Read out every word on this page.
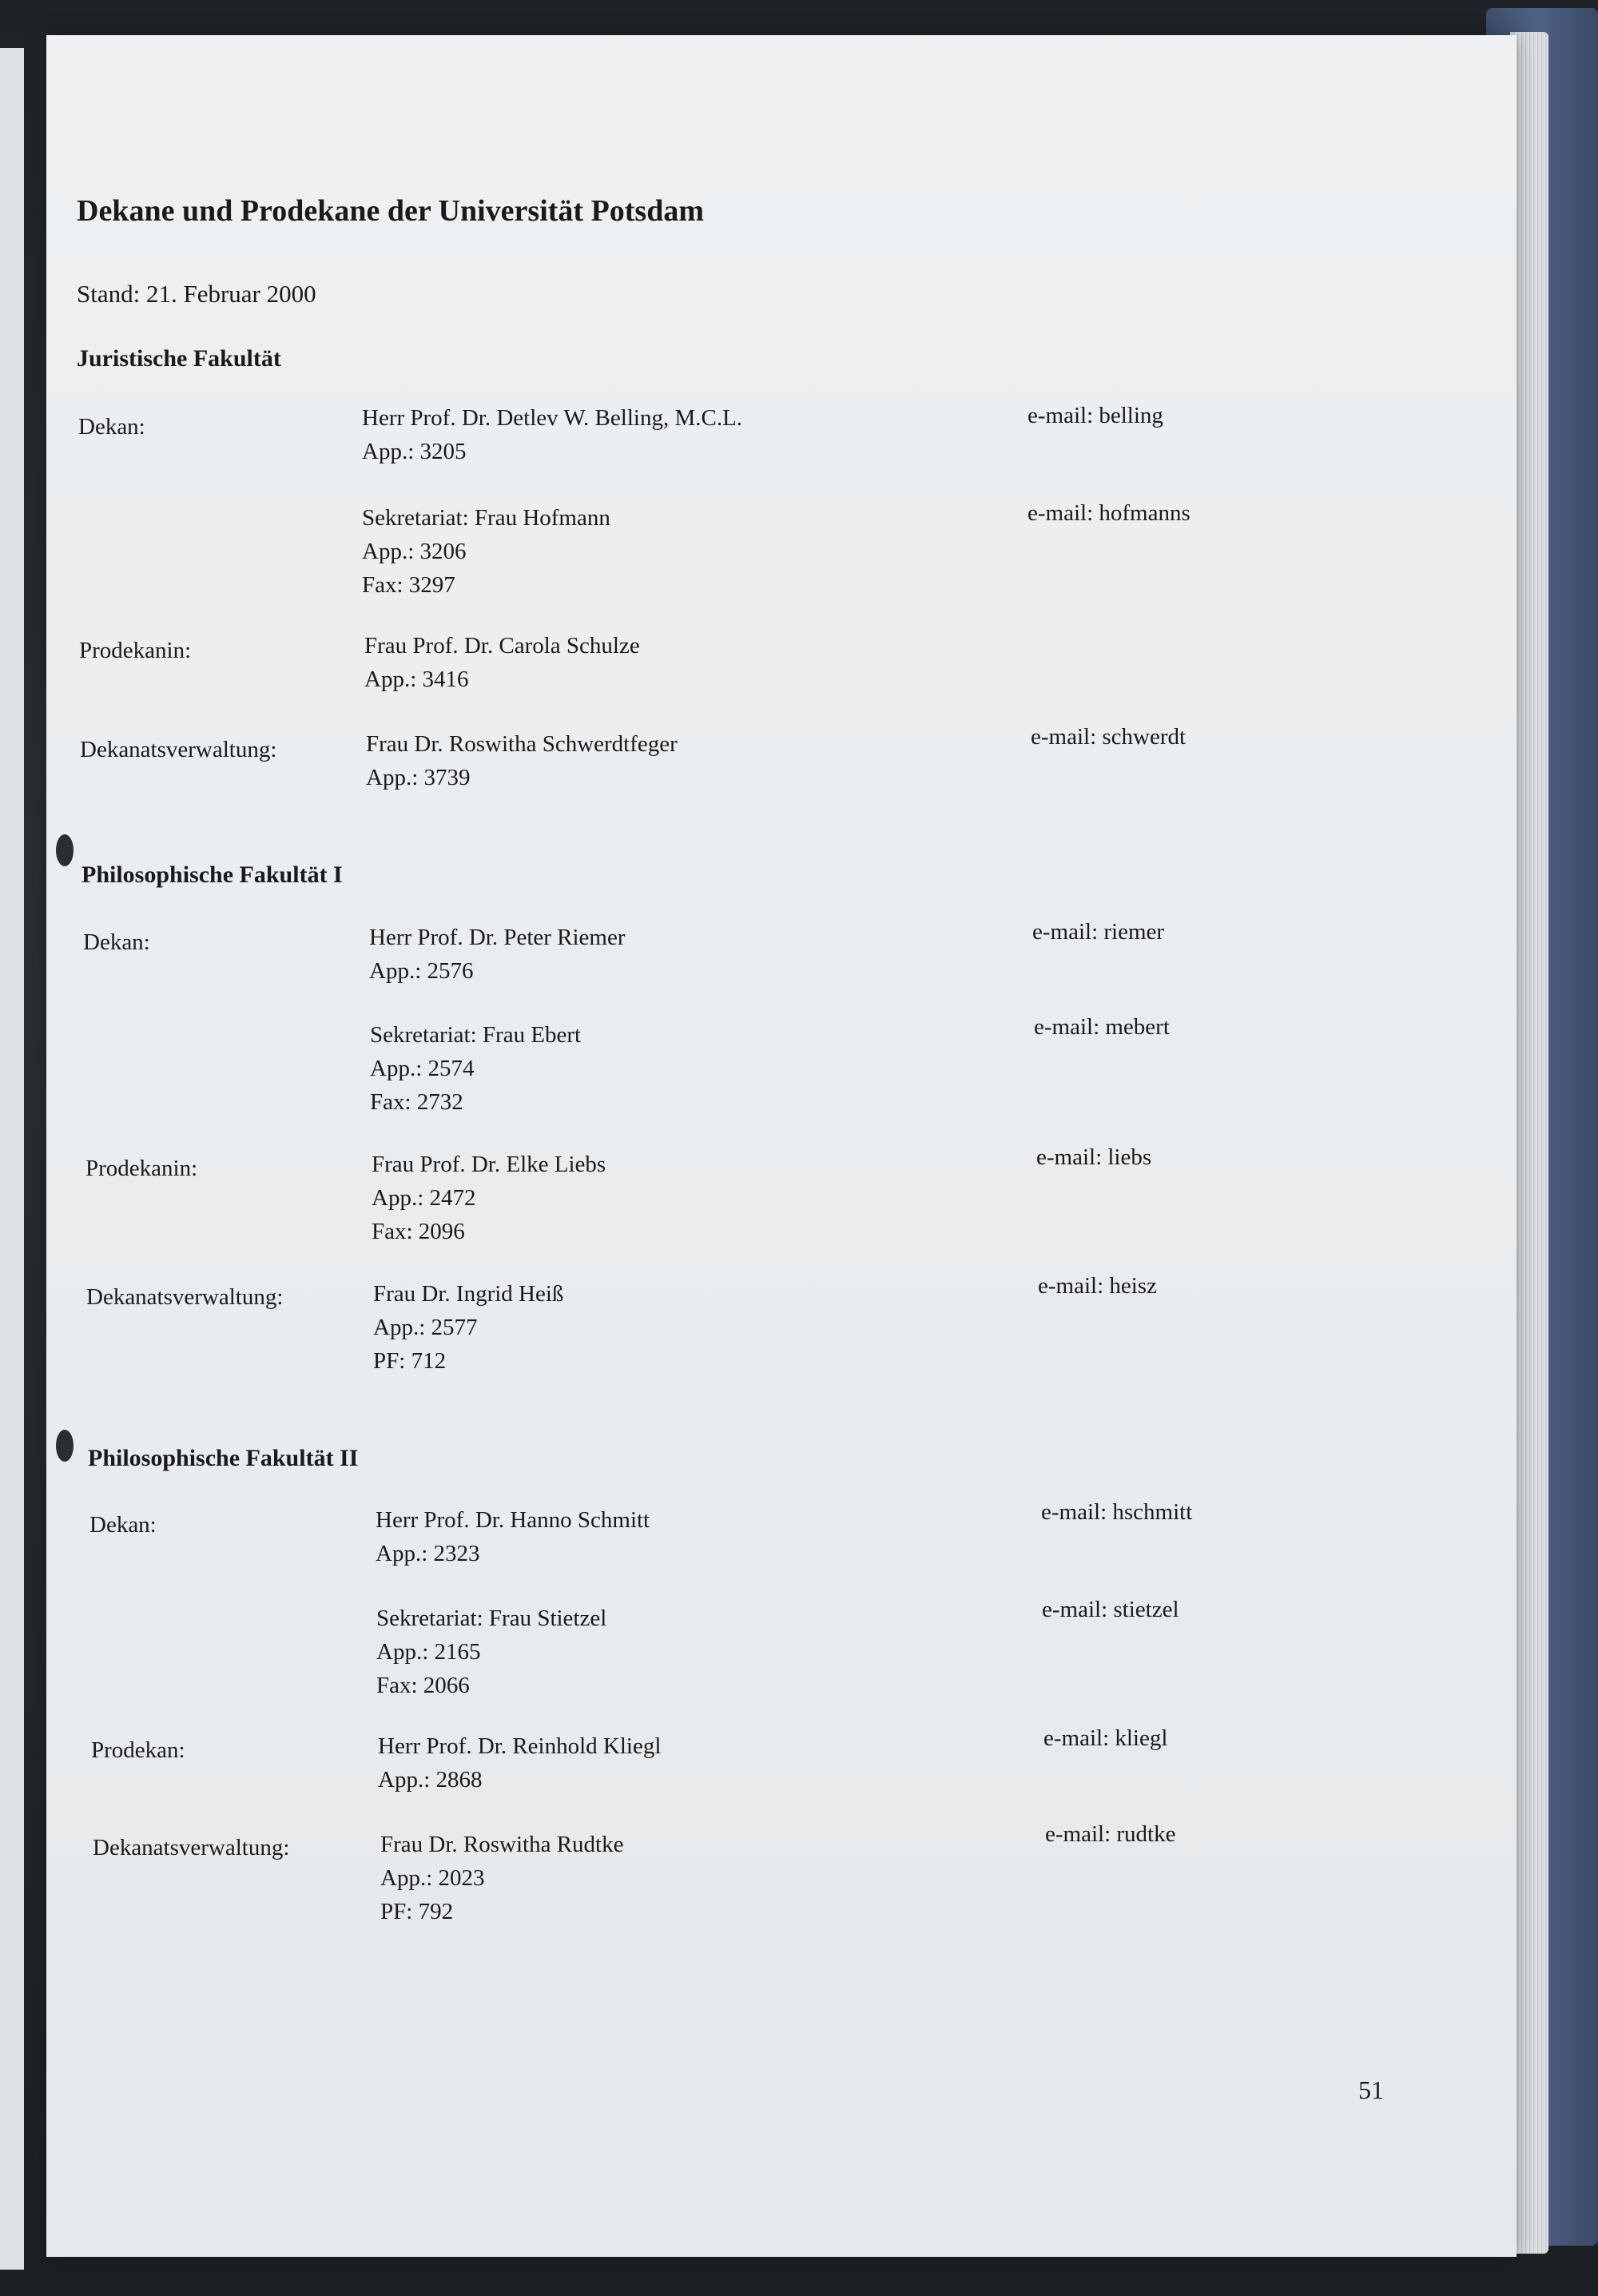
Dekane und Prodekane der Universität Potsdam
Stand: 21. Februar 2000
Juristische Fakultät
Dekan:	Herr Prof. Dr. Detlev W. Belling, M.C.L.
App.: 3205
e-mail: belling
Sekretariat: Frau Hofmann
App.: 3206
Fax: 3297
e-mail: hofmanns
Prodekanin:	Frau Prof. Dr. Carola Schulze
App.: 3416
Dekanatsverwaltung:	Frau Dr. Roswitha Schwerdtfeger
App.: 3739
e-mail: schwerdt
Philosophische Fakultät I
Dekan:	Herr Prof. Dr. Peter Riemer
App.: 2576
e-mail: riemer
Sekretariat: Frau Ebert
App.: 2574
Fax: 2732
e-mail: mebert
Prodekanin:	Frau Prof. Dr. Elke Liebs
App.: 2472
Fax: 2096
e-mail: liebs
Dekanatsverwaltung:	Frau Dr. Ingrid Heiß
App.: 2577
PF: 712
e-mail: heisz
Philosophische Fakultät II
Dekan:	Herr Prof. Dr. Hanno Schmitt
App.: 2323
e-mail: hschmitt
Sekretariat: Frau Stietzel
App.: 2165
Fax: 2066
e-mail: stietzel
Prodekan:	Herr Prof. Dr. Reinhold Kliegl
App.: 2868
e-mail: kliegl
Dekanatsverwaltung:	Frau Dr. Roswitha Rudtke
App.: 2023
PF: 792
e-mail: rudtke
51
